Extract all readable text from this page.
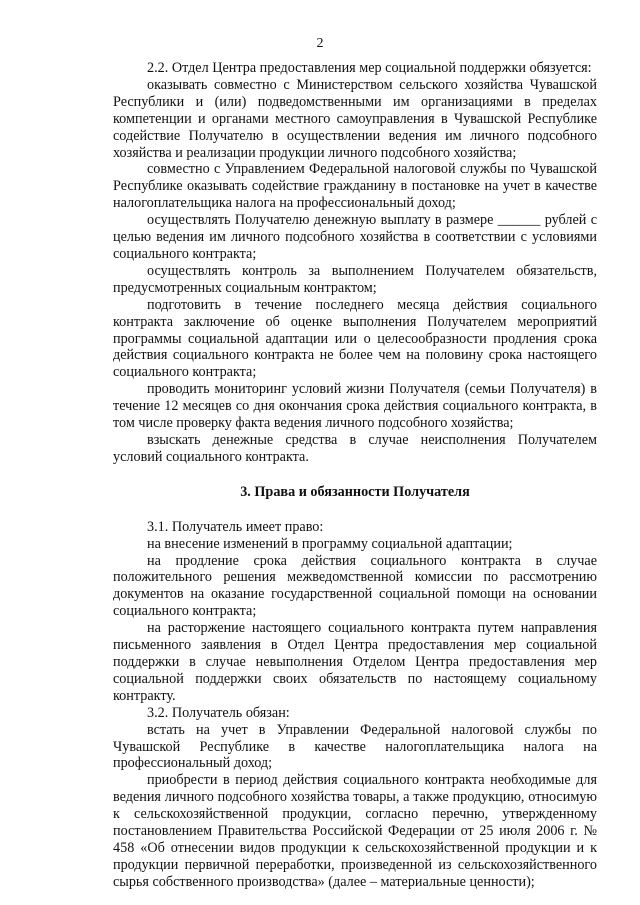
2

2.2. Отдел Центра предоставления мер социальной поддержки обязуется:

оказывать совместно с Министерством сельского хозяйства Чувашской Республики и (или) подведомственными им организациями в пределах компетенции и органами местного самоуправления в Чувашской Республике содействие Получателю в осуществлении ведения им личного подсобного хозяйства и реализации продукции личного подсобного хозяйства;

совместно с Управлением Федеральной налоговой службы по Чувашской Республике оказывать содействие гражданину в постановке на учет в качестве налогоплательщика налога на профессиональный доход;

осуществлять Получателю денежную выплату в размере ______ рублей с целью ведения им личного подсобного хозяйства в соответствии с условиями социального контракта;

осуществлять контроль за выполнением Получателем обязательств, предусмотренных социальным контрактом;

подготовить в течение последнего месяца действия социального контракта заключение об оценке выполнения Получателем мероприятий программы социальной адаптации или о целесообразности продления срока действия социального контракта не более чем на половину срока настоящего социального контракта;

проводить мониторинг условий жизни Получателя (семьи Получателя) в течение 12 месяцев со дня окончания срока действия социального контракта, в том числе проверку факта ведения личного подсобного хозяйства;

взыскать денежные средства в случае неисполнения Получателем условий социального контракта.

3. Права и обязанности Получателя

3.1. Получатель имеет право:

на внесение изменений в программу социальной адаптации;

на продление срока действия социального контракта в случае положительного решения межведомственной комиссии по рассмотрению документов на оказание государственной социальной помощи на основании социального контракта;

на расторжение настоящего социального контракта путем направления письменного заявления в Отдел Центра предоставления мер социальной поддержки в случае невыполнения Отделом Центра предоставления мер социальной поддержки своих обязательств по настоящему социальному контракту.

3.2. Получатель обязан:

встать на учет в Управлении Федеральной налоговой службы по Чувашской Республике в качестве налогоплательщика налога на профессиональный доход;

приобрести в период действия социального контракта необходимые для ведения личного подсобного хозяйства товары, а также продукцию, относимую к сельскохозяйственной продукции, согласно перечню, утвержденному постановлением Правительства Российской Федерации от 25 июля 2006 г. № 458 «Об отнесении видов продукции к сельскохозяйственной продукции и к продукции первичной переработки, произведенной из сельскохозяйственного сырья собственного производства» (далее – материальные ценности);
